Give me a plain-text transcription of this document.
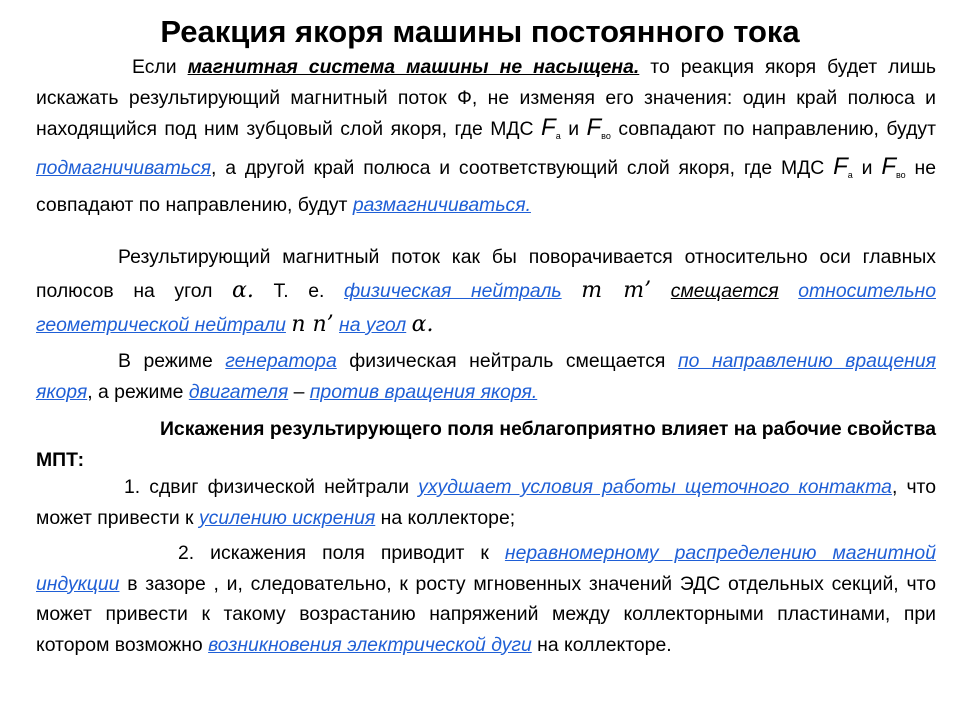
Реакция якоря машины постоянного тока

Если магнитная система машины не насыщена. то реакция якоря будет лишь искажать результирующий магнитный поток Ф, не изменяя его значения: один край полюса и находящийся под ним зубцовый слой якоря, где МДС $F_а$ и $F_{во}$ совпадают по направлению, будут подмагничиваться, а другой край полюса и соответствующий слой якоря, где МДС $F_а$ и $F_{во}$ не совпадают по направлению, будут размагничиваться.

Результирующий магнитный поток как бы поворачивается относительно оси главных полюсов на угол α. Т. е. физическая нейтраль m m’ смещается относительно геометрической нейтрали n n’ на угол α.

В режиме генератора физическая нейтраль смещается по направлению вращения якоря, а режиме двигателя – против вращения якоря.

Искажения результирующего поля неблагоприятно влияет на рабочие свойства МПТ:

1. сдвиг физической нейтрали ухудшает условия работы щеточного контакта, что может привести к усилению искрения на коллекторе;

2. искажения поля приводит к неравномерному распределению магнитной индукции в зазоре , и, следовательно, к росту мгновенных значений ЭДС отдельных секций, что может привести к такому возрастанию напряжений между коллекторными пластинами, при котором возможно возникновения электрической дуги на коллекторе.
